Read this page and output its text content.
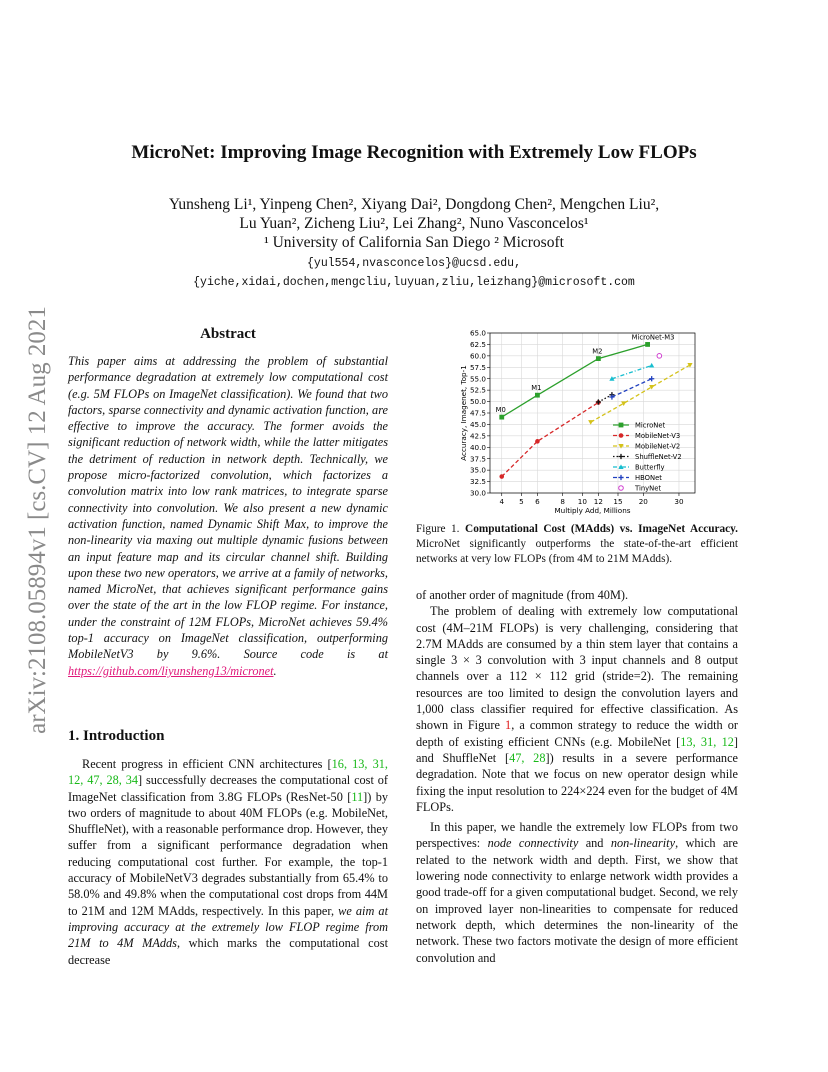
MicroNet: Improving Image Recognition with Extremely Low FLOPs
Yunsheng Li¹, Yinpeng Chen², Xiyang Dai², Dongdong Chen², Mengchen Liu²,
Lu Yuan², Zicheng Liu², Lei Zhang², Nuno Vasconcelos¹
¹ University of California San Diego ² Microsoft
{yul554,nvasconcelos}@ucsd.edu,
{yiche,xidai,dochen,mengcliu,luyuan,zliu,leizhang}@microsoft.com
arXiv:2108.05894v1 [cs.CV] 12 Aug 2021	Abstract
This paper aims at addressing the problem of substantial performance degradation at extremely low computational cost (e.g. 5M FLOPs on ImageNet classification). We found that two factors, sparse connectivity and dynamic activation function, are effective to improve the accuracy. The former avoids the significant reduction of network width, while the latter mitigates the detriment of reduction in network depth. Technically, we propose micro-factorized convolution, which factorizes a convolution matrix into low rank matrices, to integrate sparse connectivity into convolution. We also present a new dynamic activation function, named Dynamic Shift Max, to improve the non-linearity via maxing out multiple dynamic fusions between an input feature map and its circular channel shift. Building upon these two new operators, we arrive at a family of networks, named MicroNet, that achieves significant performance gains over the state of the art in the low FLOP regime. For instance, under the constraint of 12M FLOPs, MicroNet achieves 59.4% top-1 accuracy on ImageNet classification, outperforming MobileNetV3 by 9.6%. Source code is at https://github.com/liyunsheng13/micronet.
1. Introduction

Recent progress in efficient CNN architectures [16, 13, 31, 12, 47, 28, 34] successfully decreases the computational cost of ImageNet classification from 3.8G FLOPs (ResNet-50 [11]) by two orders of magnitude to about 40M FLOPs (e.g. MobileNet, ShuffleNet), with a reasonable performance drop. However, they suffer from a significant performance degradation when reducing computational cost further. For example, the top-1 accuracy of MobileNetV3 degrades substantially from 65.4% to 58.0% and 49.8% when the computational cost drops from 44M to 21M and 12M MAdds, respectively. In this paper, we aim at improving accuracy at the extremely low FLOP regime from 21M to 4M MAdds, which marks the computational cost decrease

30.0
32.5
35.0
37.5
40.0
42.5
45.0
47.5
50.0
52.5
55.0
57.5
60.0
62.5
65.0
4 5 6	8 10 12 15 20	30
Multiply Add, Millions
Accuracy, Imagenet, Top-1	M0
M1
M2
MicroNet-M3
MicroNet
MobileNet-V3
MobileNet-V2
ShuffleNet-V2
Butterfly
HBONet
TinyNet
Figure 1. Computational Cost (MAdds) vs. ImageNet Accuracy. MicroNet significantly outperforms the state-of-the-art efficient networks at very low FLOPs (from 4M to 21M MAdds).

of another order of magnitude (from 40M).

The problem of dealing with extremely low computational cost (4M–21M FLOPs) is very challenging, considering that 2.7M MAdds are consumed by a thin stem layer that contains a single 3 × 3 convolution with 3 input channels and 8 output channels over a 112 × 112 grid (stride=2). The remaining resources are too limited to design the convolution layers and 1,000 class classifier required for effective classification. As shown in Figure 1, a common strategy to reduce the width or depth of existing efficient CNNs (e.g. MobileNet [13, 31, 12] and ShuffleNet [47, 28]) results in a severe performance degradation. Note that we focus on new operator design while fixing the input resolution to 224×224 even for the budget of 4M FLOPs.

In this paper, we handle the extremely low FLOPs from two perspectives: node connectivity and non-linearity, which are related to the network width and depth. First, we show that lowering node connectivity to enlarge network width provides a good trade-off for a given computational budget. Second, we rely on improved layer non-linearities to compensate for reduced network depth, which determines the non-linearity of the network. These two factors motivate the design of more efficient convolution and
